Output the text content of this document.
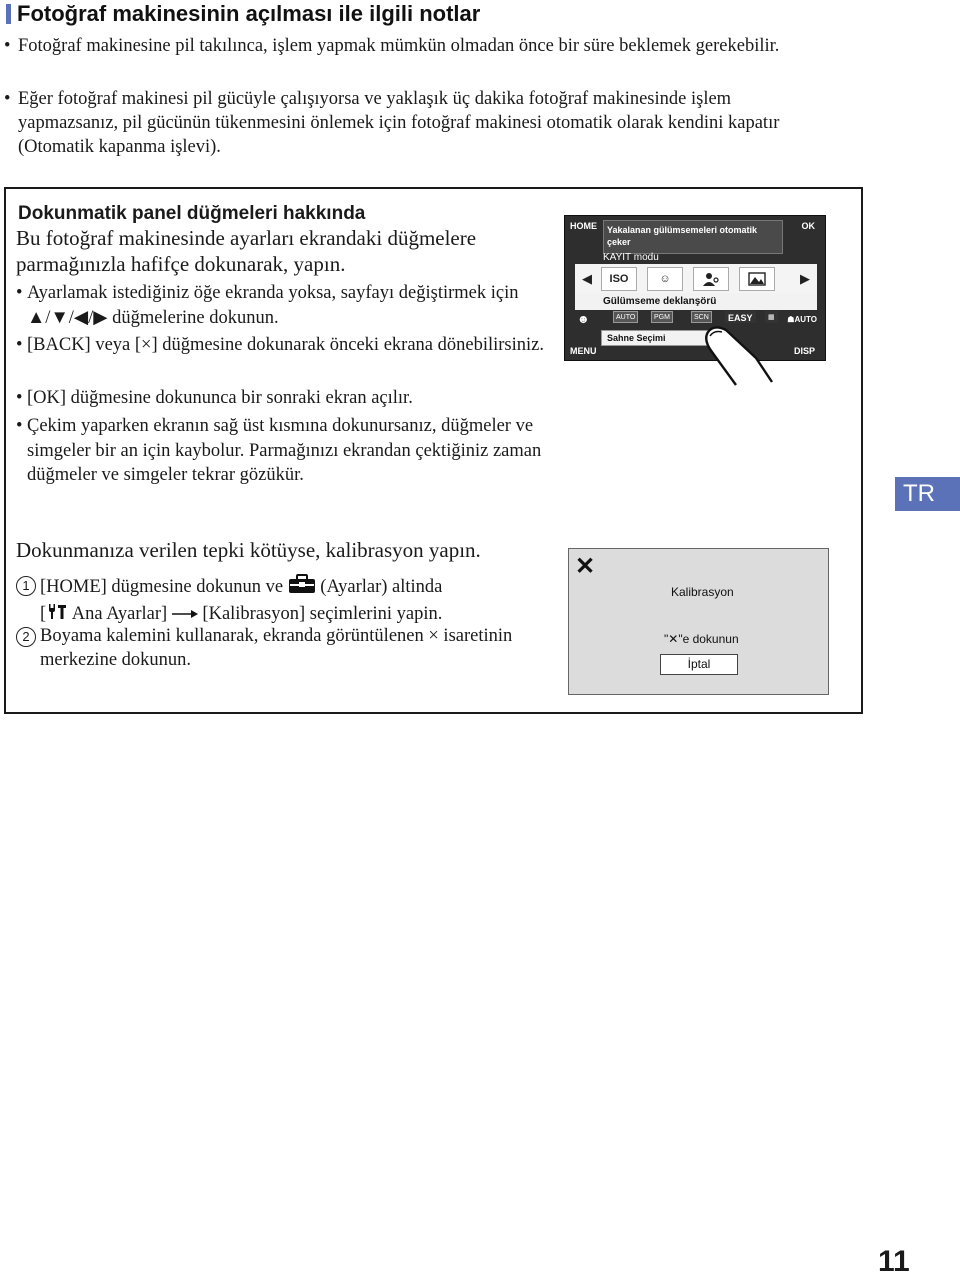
Fotoğraf makinesinin açılması ile ilgili notlar
• Fotoğraf makinesine pil takılınca, işlem yapmak mümkün olmadan önce bir süre beklemek gerekebilir.
• Eğer fotoğraf makinesi pil gücüyle çalışıyorsa ve yaklaşık üç dakika fotoğraf makinesinde işlem yapmazsanız, pil gücünün tükenmesini önlemek için fotoğraf makinesi otomatik olarak kendini kapatır (Otomatik kapanma işlevi).
Dokunmatik panel düğmeleri hakkında
Bu fotoğraf makinesinde ayarları ekrandaki düğmelere parmağınızla hafifçe dokunarak, yapın.
• Ayarlamak istediğiniz öğe ekranda yoksa, sayfayı değiştirmek için ▲/▼/◀/▶ düğmelerine dokunun.
• [BACK] veya [×] düğmesine dokunarak önceki ekrana dönebilirsiniz.
• [OK] düğmesine dokununca bir sonraki ekran açılır.
• Çekim yaparken ekranın sağ üst kısmına dokunursanız, düğmeler ve simgeler bir an için kaybolur. Parmağınızı ekrandan çektiğiniz zaman düğmeler ve simgeler tekrar gözükür.
Dokunmanıza verilen tepki kötüyse, kalibrasyon yapın.
1 [HOME] dügmesine dokunun ve (Ayarlar) altinda
[ Ana Ayarlar] [Kalibrasyon] seçimlerini yapin.
2 Boyama kalemini kullanarak, ekranda görüntülenen × isaretinin merkezine dokunun.
HOME	OK
Yakalanan gülümsemeleri otomatik çeker
KAYIT modu
◀	ISO	☺	▶
Gülümseme deklanşörü
☻	AUTO	PGM	SCN	EASY	▦	☗AUTO
Sahne Seçimi
MENU	DISP
✕
Kalibrasyon
"✕"e dokunun
İptal
TR
11
